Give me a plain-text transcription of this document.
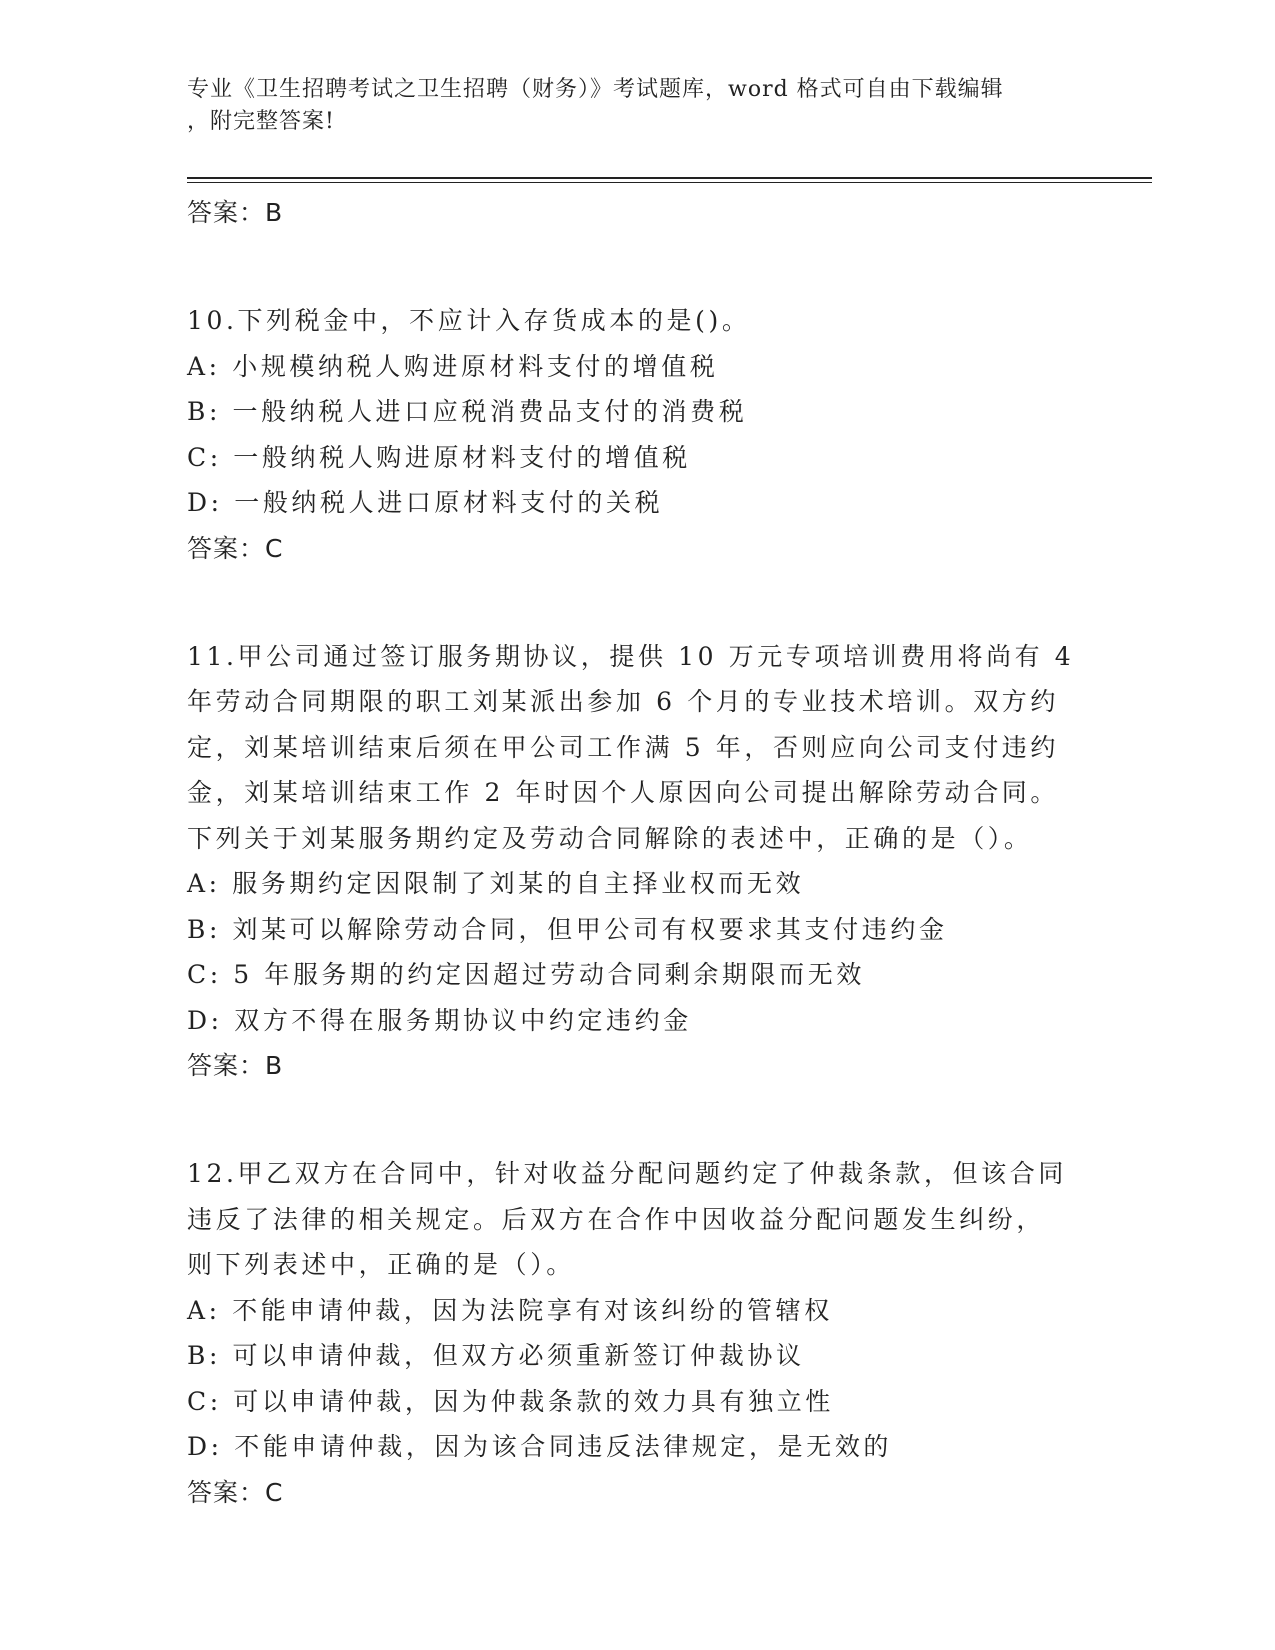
专业《卫生招聘考试之卫生招聘（财务）》考试题库，word 格式可自由下载编辑
，附完整答案!
答案：B
10.下列税金中，不应计入存货成本的是()。
A: 小规模纳税人购进原材料支付的增值税
B: 一般纳税人进口应税消费品支付的消费税
C: 一般纳税人购进原材料支付的增值税
D: 一般纳税人进口原材料支付的关税
答案：C
11.甲公司通过签订服务期协议，提供 10 万元专项培训费用将尚有 4
年劳动合同期限的职工刘某派出参加 6 个月的专业技术培训。双方约
定，刘某培训结束后须在甲公司工作满 5 年，否则应向公司支付违约
金，刘某培训结束工作 2 年时因个人原因向公司提出解除劳动合同。
下列关于刘某服务期约定及劳动合同解除的表述中，正确的是（）。
A: 服务期约定因限制了刘某的自主择业权而无效
B: 刘某可以解除劳动合同，但甲公司有权要求其支付违约金
C: 5 年服务期的约定因超过劳动合同剩余期限而无效
D: 双方不得在服务期协议中约定违约金
答案：B
12.甲乙双方在合同中，针对收益分配问题约定了仲裁条款，但该合同
违反了法律的相关规定。后双方在合作中因收益分配问题发生纠纷，
则下列表述中，正确的是（）。
A: 不能申请仲裁，因为法院享有对该纠纷的管辖权
B: 可以申请仲裁，但双方必须重新签订仲裁协议
C: 可以申请仲裁，因为仲裁条款的效力具有独立性
D: 不能申请仲裁，因为该合同违反法律规定，是无效的
答案：C
